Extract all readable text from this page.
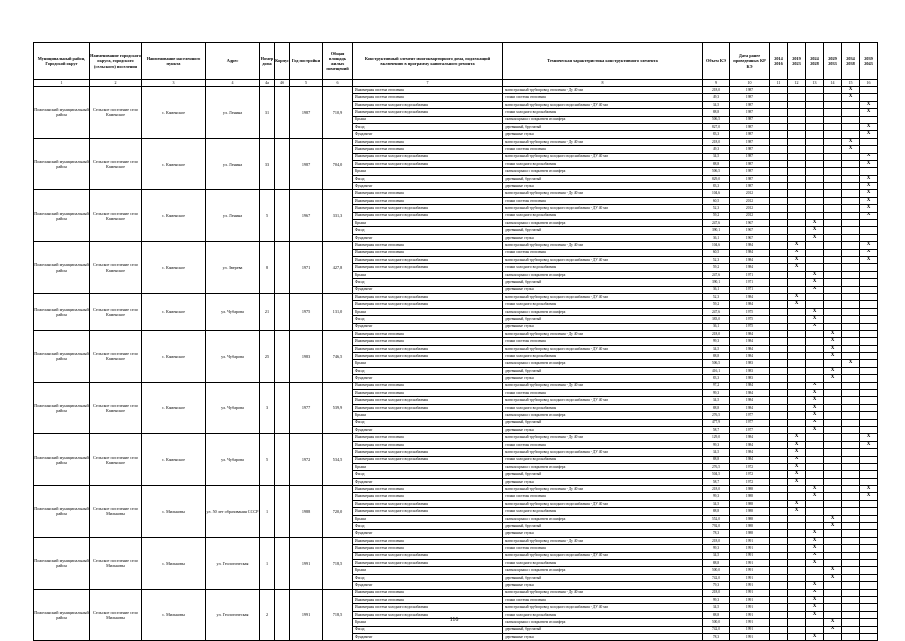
Муниципальный район, Городской округ	Наименование городского округа, городского (сельского) поселения	Наименование населенного пункта	Адрес	Номер дома	Корпус	Год постройки	Общая площадь жилых помещений	Конструктивный элемент многоквартирного дома, подлежащий включению в программу капитального ремонта	Техническая характеристика конструктивного элемента	Объем КЭ	Дата ранее проведенных КР КЭ	2014 2016	2019 2023	2024 2028	2029 2033	2034 2038	2039 2043
1	2	3	4	4а	4б	5	6	7	8	9	10	11	12	13	14	15	16
Пожеланский муниципальный район	Сельское поселение село Каменское	с. Каменское	ул. Ленина	31		1987	710,9	Инженерная система отопления	магистральный трубопровод отопления - Ду 40 мм	218,0	1987					X	
								Инженерная система отопления	стояки системы отопления	49,3	1987					X	
								Инженерная система холодного водоснабжения	магистральный трубопровод холодного водоснабжения - ДУ 40 мм	34,5	1987						X
								Инженерная система холодного водоснабжения	стояки холодного водоснабжения	88,8	1987						X
								Крыша	скатная крыша с покрытием из шифера	506,5	1987						
								Фасад	деревянный, брусчатый	827,0	1987						X
								Фундамент	деревянные стулья	83,3	1987						X
Пожеланский муниципальный район	Сельское поселение село Каменское	с. Каменское	ул. Ленина	33		1987	704,0	Инженерная система отопления	магистральный трубопровод отопления - Ду 40 мм	218,0	1987					X	
								Инженерная система отопления	стояки системы отопления	49,3	1987					X	
								Инженерная система холодного водоснабжения	магистральный трубопровод холодного водоснабжения - ДУ 40 мм	34,5	1987						X
								Инженерная система холодного водоснабжения	стояки холодного водоснабжения	88,8	1987						X
								Крыша	скатная крыша с покрытием из шифера	506,5	1987						
								Фасад	деревянный, брусчатый	829,0	1987						X
								Фундамент	деревянные стулья	83,3	1987						X
Пожеланский муниципальный район	Сельское поселение село Каменское	с. Каменское	ул. Ленина	5		1967	331,3	Инженерная система отопления	магистральный трубопровод отопления - Ду 40 мм	104,6	2012						X
								Инженерная система отопления	стояки системы отопления	60,5	2012						X
								Инженерная система холодного водоснабжения	магистральный трубопровод холодного водоснабжения - ДУ 40 мм	52,3	2012						X
								Инженерная система холодного водоснабжения	стояки холодного водоснабжения	59,2	2012						X
								Крыша	скатная крыша с покрытием из шифера	247,6	1967			X			
								Фасад	деревянный, брусчатый	390,1	1967			X			
								Фундамент	деревянные стулья	36,1	1967			X			
Пожеланский муниципальный район	Сельское поселение село Каменское	с. Каменское	ул. Зверева	8		1971	427,8	Инженерная система отопления	магистральный трубопровод отопления - Ду 40 мм	104,6	1984		X				X
								Инженерная система отопления	стояки системы отопления	60,5	1984		X				X
								Инженерная система холодного водоснабжения	магистральный трубопровод холодного водоснабжения - ДУ 40 мм	52,3	1984		X				X
								Инженерная система холодного водоснабжения	стояки холодного водоснабжения	59,2	1984		X				
								Крыша	скатная крыша с покрытием из шифера	247,6	1971			X			
								Фасад	деревянный, брусчатый	390,1	1971			X			
								Фундамент	деревянные стулья	36,1	1971			X			
Пожеланский муниципальный район	Сельское поселение село Каменское	с. Каменское	ул. Чубарова	21		1975	131,0	Инженерная система холодного водоснабжения	магистральный трубопровод холодного водоснабжения - ДУ 40 мм	52,3	1984		X				
								Инженерная система холодного водоснабжения	стояки холодного водоснабжения	59,2	1984		X				
								Крыша	скатная крыша с покрытием из шифера	247,6	1975			X			
								Фасад	деревянный, брусчатый	383,0	1975			X			
								Фундамент	деревянные стулья	36,1	1975			X			
Пожеланский муниципальный район	Сельское поселение село Каменское	с. Каменское	ул. Чубарова	25		1983	746,5	Инженерная система отопления	магистральный трубопровод отопления - Ду 40 мм	218,0	1984				X		
								Инженерная система отопления	стояки системы отопления	99,3	1984				X		
								Инженерная система холодного водоснабжения	магистральный трубопровод холодного водоснабжения - ДУ 40 мм	34,5	1984				X		
								Инженерная система холодного водоснабжения	стояки холодного водоснабжения	88,8	1984				X		
								Крыша	скатная крыша с покрытием из шифера	506,5	1983					X	
								Фасад	деревянный, брусчатый	416,1	1983				X		
								Фундамент	деревянные стулья	83,3	1983				X		
Пожеланский муниципальный район	Сельское поселение село Каменское	с. Каменское	ул. Чубарова	3		1977	539,9	Инженерная система отопления	магистральный трубопровод отопления - Ду 40 мм	97,2	1984			X			
								Инженерная система отопления	стояки системы отопления	99,3	1984			X			
								Инженерная система холодного водоснабжения	магистральный трубопровод холодного водоснабжения - ДУ 40 мм	34,5	1984			X			
								Инженерная система холодного водоснабжения	стояки холодного водоснабжения	88,8	1984			X			
								Крыша	скатная крыша с покрытием из шифера	276,5	1977			X			
								Фасад	деревянный, брусчатый	477,9	1977			X			
								Фундамент	деревянные стулья	58,7	1977			X			
Пожеланский муниципальный район	Сельское поселение село Каменское	с. Каменское	ул. Чубарова	5		1972	534,5	Инженерная система отопления	магистральный трубопровод отопления - Ду 40 мм	129,0	1984		X				X
								Инженерная система отопления	стояки системы отопления	99,3	1984		X				X
								Инженерная система холодного водоснабжения	магистральный трубопровод холодного водоснабжения - ДУ 40 мм	34,5	1984		X				
								Инженерная система холодного водоснабжения	стояки холодного водоснабжения	88,8	1984		X				
								Крыша	скатная крыша с покрытием из шифера	276,5	1972		X				
								Фасад	деревянный, брусчатый	504,5	1972		X				
								Фундамент	деревянные стулья	58,7	1972		X				
Пожеланский муниципальный район	Сельское поселение село Мильковы	с. Мильковы	ул. 50 лет образования СССР	1		1988	720,0	Инженерная система отопления	магистральный трубопровод отопления - Ду 40 мм	218,0	1988			X			X
								Инженерная система отопления	стояки системы отопления	99,3	1988			X			X
								Инженерная система холодного водоснабжения	магистральный трубопровод холодного водоснабжения - ДУ 40 мм	34,5	1988		X				
								Инженерная система холодного водоснабжения	стояки холодного водоснабжения	88,8	1988		X				
								Крыша	скатная крыша с покрытием из шифера	552,0	1988				X		
								Фасад	деревянный, брусчатый	792,0	1988				X		
								Фундамент	деревянные стулья	78,3	1988			X			
Пожеланский муниципальный район	Сельское поселение село Мильковы	с. Мильковы	ул. Геологическая	1		1991	718,5	Инженерная система отопления	магистральный трубопровод отопления - Ду 40 мм	218,0	1991			X			
								Инженерная система отопления	стояки системы отопления	99,3	1991			X			
								Инженерная система холодного водоснабжения	магистральный трубопровод холодного водоснабжения - ДУ 40 мм	34,5	1991			X			
								Инженерная система холодного водоснабжения	стояки холодного водоснабжения	88,8	1991			X			
								Крыша	скатная крыша с покрытием из шифера	500,0	1991				X		
								Фасад	деревянный, брусчатый	742,0	1991				X		
								Фундамент	деревянные стулья	79,3	1991			X			
Пожеланский муниципальный район	Сельское поселение село Мильковы	с. Мильковы	ул. Геологическая	2		1991	718,5	Инженерная система отопления	магистральный трубопровод отопления - Ду 40 мм	218,0	1991			X			
								Инженерная система отопления	стояки системы отопления	99,3	1991			X			
								Инженерная система холодного водоснабжения	магистральный трубопровод холодного водоснабжения - ДУ 40 мм	34,5	1991			X			
								Инженерная система холодного водоснабжения	стояки холодного водоснабжения	88,8	1991			X			
								Крыша	скатная крыша с покрытием из шифера	500,0	1991				X		
								Фасад	деревянный, брусчатый	742,0	1991				X		
								Фундамент	деревянные стулья	78,3	1991			X			
116
